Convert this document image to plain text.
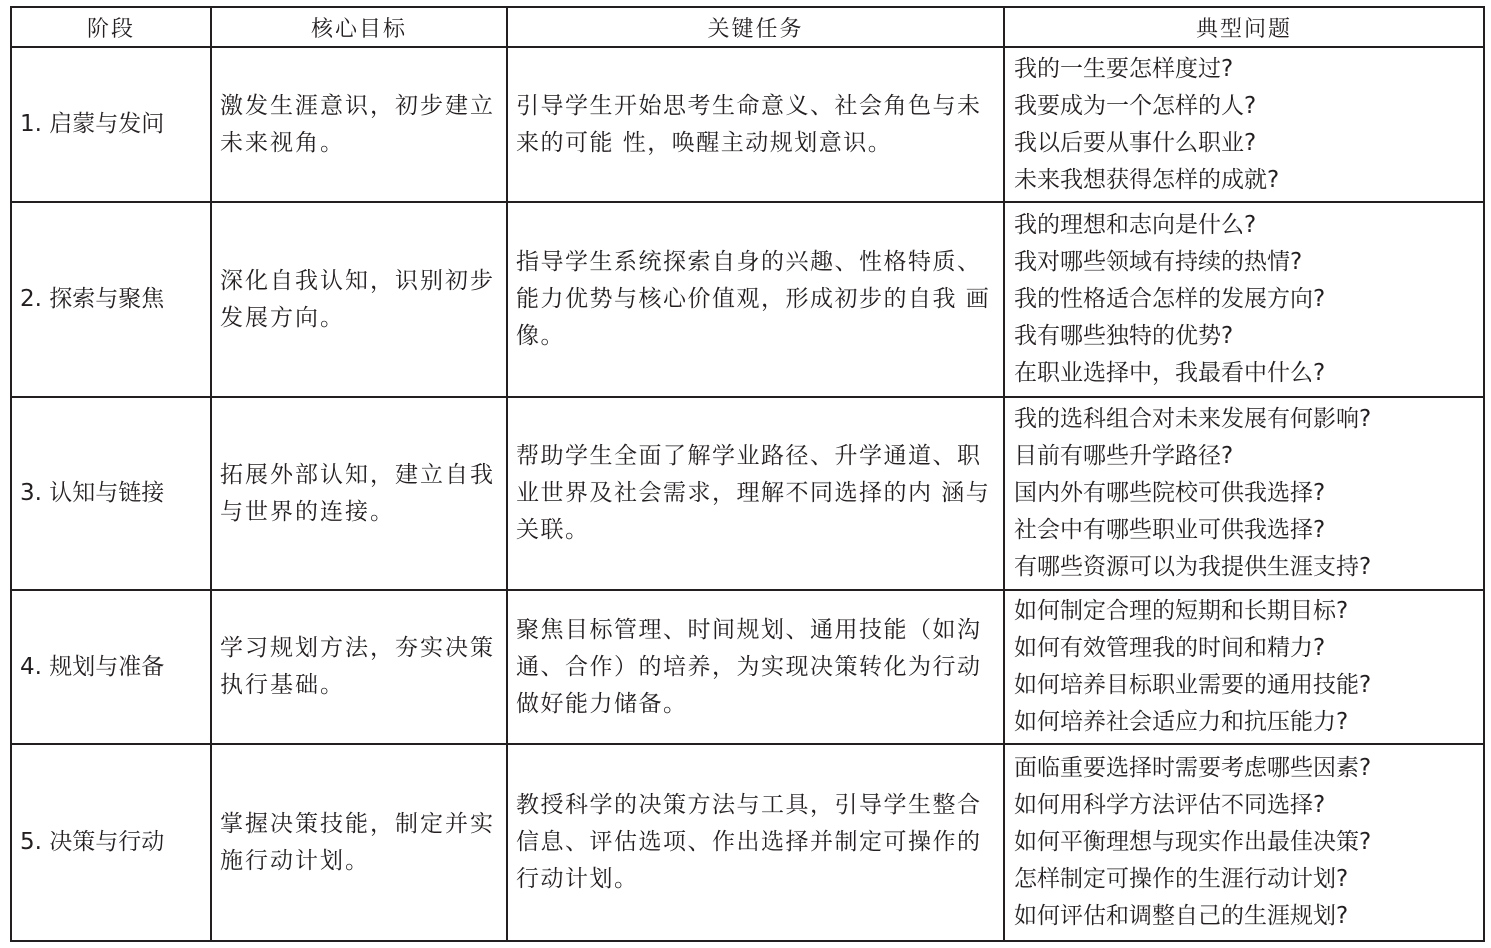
阶段	核心目标	关键任务	典型问题
1. 启蒙与发问	激发生涯意识，初步建立未来视角。	引导学生开始思考生命意义、社会角色与未来的可能 性，唤醒主动规划意识。	我的一生要怎样度过?
我要成为一个怎样的人?
我以后要从事什么职业?
未来我想获得怎样的成就?

2. 探索与聚焦	深化自我认知，识别初步发展方向。	指导学生系统探索自身的兴趣、性格特质、能力优势与核心价值观，形成初步的自我 画像。	我的理想和志向是什么?
我对哪些领域有持续的热情?
我的性格适合怎样的发展方向?
我有哪些独特的优势?
在职业选择中，我最看中什么?

3. 认知与链接	拓展外部认知，建立自我与世界的连接。	帮助学生全面了解学业路径、升学通道、职业世界及社会需求，理解不同选择的内 涵与关联。	我的选科组合对未来发展有何影响?
目前有哪些升学路径?
国内外有哪些院校可供我选择?
社会中有哪些职业可供我选择?
有哪些资源可以为我提供生涯支持?

4. 规划与准备	学习规划方法，夯实决策执行基础。	聚焦目标管理、时间规划、通用技能（如沟通、合作）的培养，为实现决策转化为行动做好能力储备。	如何制定合理的短期和长期目标?
如何有效管理我的时间和精力?
如何培养目标职业需要的通用技能?
如何培养社会适应力和抗压能力?

5. 决策与行动	掌握决策技能，制定并实施行动计划。	教授科学的决策方法与工具，引导学生整合信息、评估选项、作出选择并制定可操作的行动计划。	面临重要选择时需要考虑哪些因素?
如何用科学方法评估不同选择?
如何平衡理想与现实作出最佳决策?
怎样制定可操作的生涯行动计划?
如何评估和调整自己的生涯规划?
